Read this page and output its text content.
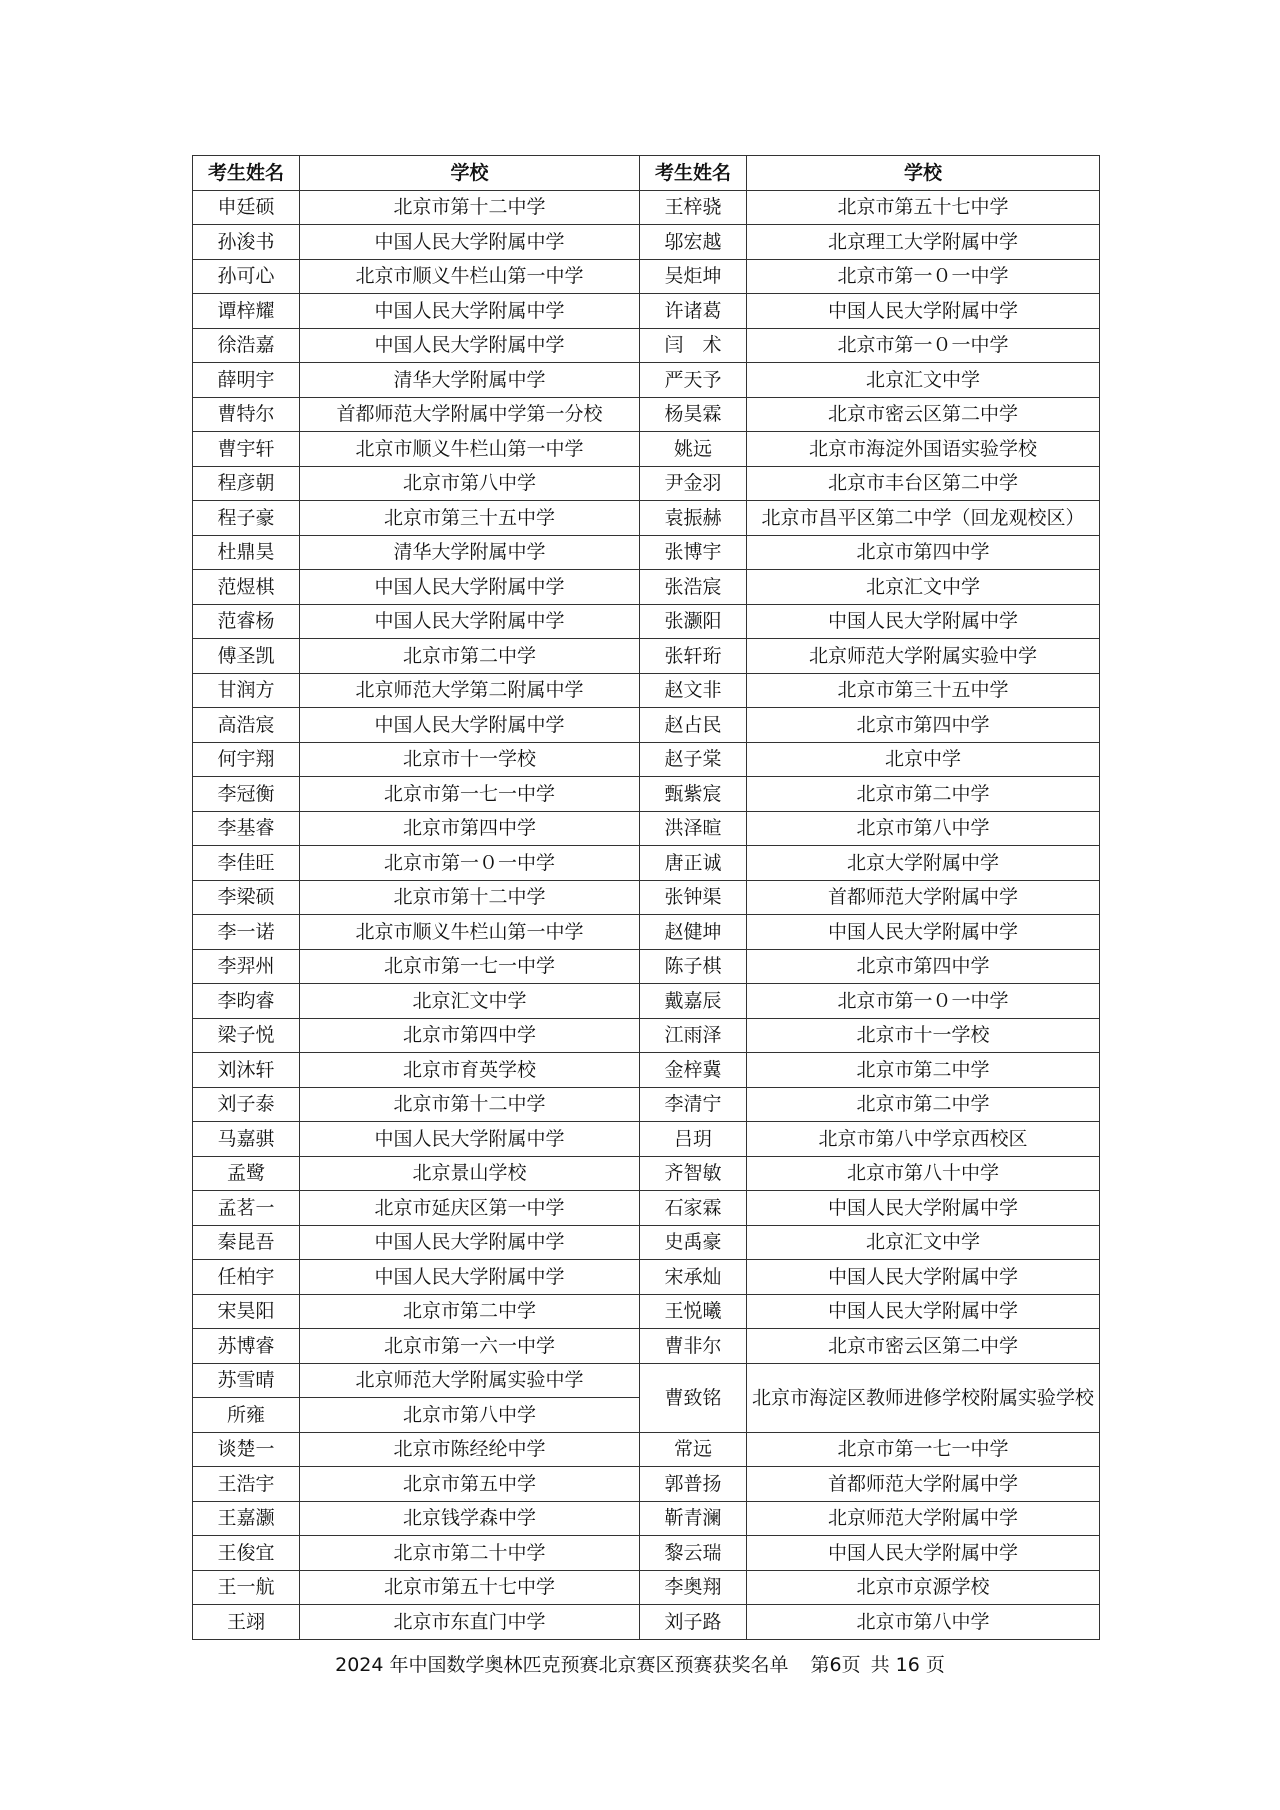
考生姓名	学校	考生姓名	学校
申廷硕	北京市第十二中学	王梓骁	北京市第五十七中学
孙浚书	中国人民大学附属中学	邬宏越	北京理工大学附属中学
孙可心	北京市顺义牛栏山第一中学	吴炬坤	北京市第一０一中学
谭梓耀	中国人民大学附属中学	许诸葛	中国人民大学附属中学
徐浩嘉	中国人民大学附属中学	闫　术	北京市第一０一中学
薛明宇	清华大学附属中学	严天予	北京汇文中学
曹特尔	首都师范大学附属中学第一分校	杨昊霖	北京市密云区第二中学
曹宇轩	北京市顺义牛栏山第一中学	姚远	北京市海淀外国语实验学校
程彦朝	北京市第八中学	尹金羽	北京市丰台区第二中学
程子豪	北京市第三十五中学	袁振赫	北京市昌平区第二中学（回龙观校区）
杜鼎昊	清华大学附属中学	张博宇	北京市第四中学
范煜棋	中国人民大学附属中学	张浩宸	北京汇文中学
范睿杨	中国人民大学附属中学	张灏阳	中国人民大学附属中学
傅圣凯	北京市第二中学	张轩珩	北京师范大学附属实验中学
甘润方	北京师范大学第二附属中学	赵文非	北京市第三十五中学
高浩宸	中国人民大学附属中学	赵占民	北京市第四中学
何宇翔	北京市十一学校	赵子棠	北京中学
李冠衡	北京市第一七一中学	甄紫宸	北京市第二中学
李基睿	北京市第四中学	洪泽暄	北京市第八中学
李佳旺	北京市第一０一中学	唐正诚	北京大学附属中学
李梁硕	北京市第十二中学	张钟渠	首都师范大学附属中学
李一诺	北京市顺义牛栏山第一中学	赵健坤	中国人民大学附属中学
李羿州	北京市第一七一中学	陈子棋	北京市第四中学
李昀睿	北京汇文中学	戴嘉辰	北京市第一０一中学
梁子悦	北京市第四中学	江雨泽	北京市十一学校
刘沐轩	北京市育英学校	金梓冀	北京市第二中学
刘子泰	北京市第十二中学	李清宁	北京市第二中学
马嘉骐	中国人民大学附属中学	吕玥	北京市第八中学京西校区
孟鹭	北京景山学校	齐智敏	北京市第八十中学
孟茗一	北京市延庆区第一中学	石家霖	中国人民大学附属中学
秦昆吾	中国人民大学附属中学	史禹豪	北京汇文中学
任柏宇	中国人民大学附属中学	宋承灿	中国人民大学附属中学
宋昊阳	北京市第二中学	王悦曦	中国人民大学附属中学
苏博睿	北京市第一六一中学	曹非尔	北京市密云区第二中学
苏雪晴	北京师范大学附属实验中学	曹致铭	北京市海淀区教师进修学校附属实验学校
所雍	北京市第八中学		
谈楚一	北京市陈经纶中学	常远	北京市第一七一中学
王浩宇	北京市第五中学	郭普扬	首都师范大学附属中学
王嘉灏	北京钱学森中学	靳青澜	北京师范大学附属中学
王俊宜	北京市第二十中学	黎云瑞	中国人民大学附属中学
王一航	北京市第五十七中学	李奥翔	北京市京源学校
王翊	北京市东直门中学	刘子路	北京市第八中学
2024 年中国数学奥林匹克预赛北京赛区预赛获奖名单 第6页 共 16 页
